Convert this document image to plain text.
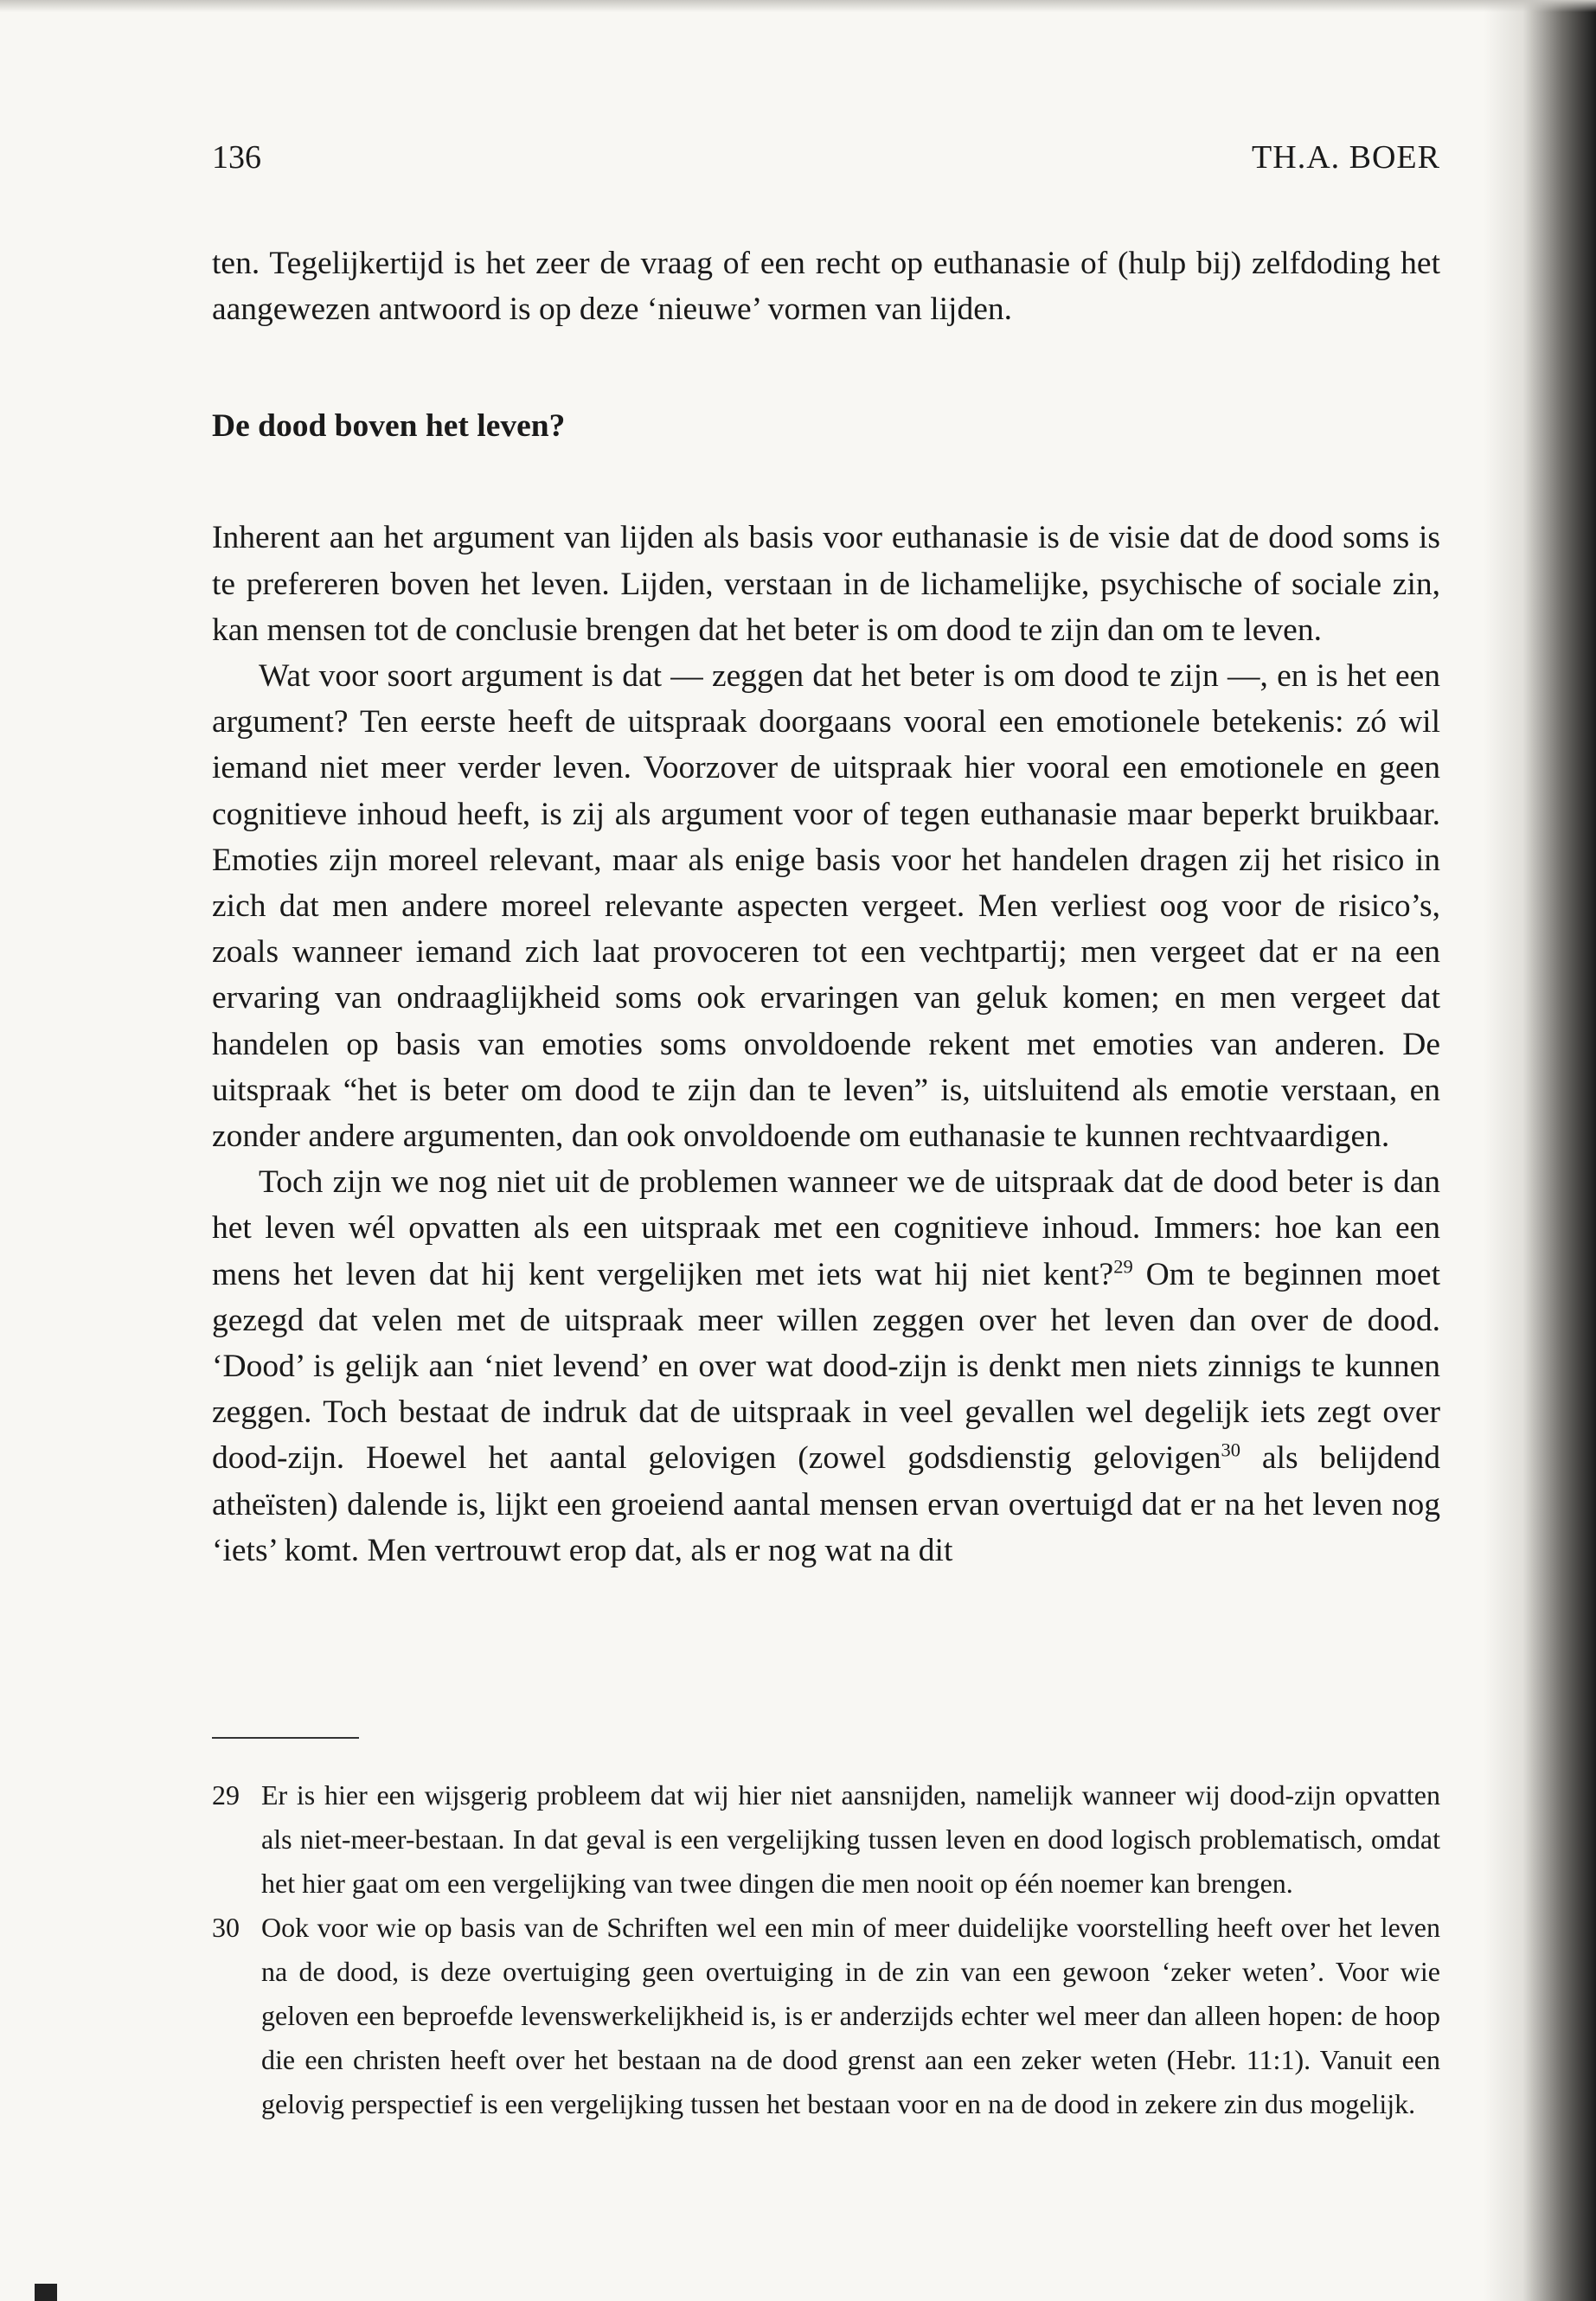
136	TH.A. BOER

ten. Tegelijkertijd is het zeer de vraag of een recht op euthanasie of (hulp bij) zelfdoding het aangewezen antwoord is op deze ‘nieuwe’ vormen van lijden.

De dood boven het leven?

Inherent aan het argument van lijden als basis voor euthanasie is de visie dat de dood soms is te prefereren boven het leven. Lijden, verstaan in de lichamelijke, psychische of sociale zin, kan mensen tot de conclusie brengen dat het beter is om dood te zijn dan om te leven.

Wat voor soort argument is dat — zeggen dat het beter is om dood te zijn —, en is het een argument? Ten eerste heeft de uitspraak doorgaans vooral een emotionele betekenis: zó wil iemand niet meer verder leven. Voorzover de uitspraak hier vooral een emotionele en geen cognitieve inhoud heeft, is zij als argument voor of tegen euthanasie maar beperkt bruikbaar. Emoties zijn moreel relevant, maar als enige basis voor het handelen dragen zij het risico in zich dat men andere moreel relevante aspecten vergeet. Men verliest oog voor de risico’s, zoals wanneer iemand zich laat provoceren tot een vechtpartij; men vergeet dat er na een ervaring van ondraaglijkheid soms ook ervaringen van geluk komen; en men vergeet dat handelen op basis van emoties soms onvoldoende rekent met emoties van anderen. De uitspraak “het is beter om dood te zijn dan te leven” is, uitsluitend als emotie verstaan, en zonder andere argumenten, dan ook onvoldoende om euthanasie te kunnen rechtvaardigen.

Toch zijn we nog niet uit de problemen wanneer we de uitspraak dat de dood beter is dan het leven wél opvatten als een uitspraak met een cognitieve inhoud. Immers: hoe kan een mens het leven dat hij kent vergelijken met iets wat hij niet kent?$^{29}$ Om te beginnen moet gezegd dat velen met de uitspraak meer willen zeggen over het leven dan over de dood. ‘Dood’ is gelijk aan ‘niet levend’ en over wat dood-zijn is denkt men niets zinnigs te kunnen zeggen. Toch bestaat de indruk dat de uitspraak in veel gevallen wel degelijk iets zegt over dood-zijn. Hoewel het aantal gelovigen (zowel godsdienstig gelovigen$^{30}$ als belijdend atheïsten) dalende is, lijkt een groeiend aantal mensen ervan overtuigd dat er na het leven nog ‘iets’ komt. Men vertrouwt erop dat, als er nog wat na dit

29 Er is hier een wijsgerig probleem dat wij hier niet aansnijden, namelijk wanneer wij dood-zijn opvatten als niet-meer-bestaan. In dat geval is een vergelijking tussen leven en dood logisch problematisch, omdat het hier gaat om een vergelijking van twee dingen die men nooit op één noemer kan brengen.

30 Ook voor wie op basis van de Schriften wel een min of meer duidelijke voorstelling heeft over het leven na de dood, is deze overtuiging geen overtuiging in de zin van een gewoon ‘zeker weten’. Voor wie geloven een beproefde levenswerkelijkheid is, is er anderzijds echter wel meer dan alleen hopen: de hoop die een christen heeft over het bestaan na de dood grenst aan een zeker weten (Hebr. 11:1). Vanuit een gelovig perspectief is een vergelijking tussen het bestaan voor en na de dood in zekere zin dus mogelijk.
